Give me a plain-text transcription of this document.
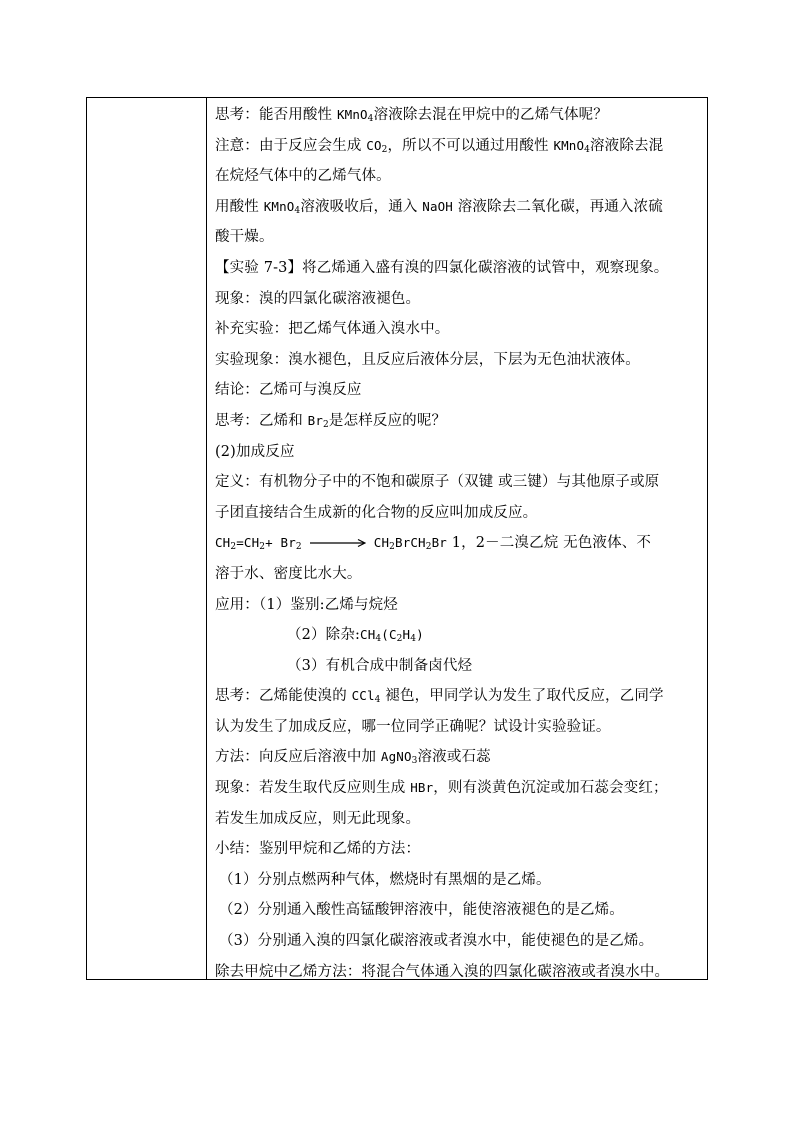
思考：能否用酸性 KMnO$_4$溶液除去混在甲烷中的乙烯气体呢？
注意：由于反应会生成 $CO_2$，所以不可以通过用酸性 KMnO$_4$溶液除去混
在烷烃气体中的乙烯气体。
用酸性 KMnO$_4$溶液吸收后，通入 NaOH 溶液除去二氧化碳，再通入浓硫
酸干燥。
【实验 7-3】将乙烯通入盛有溴的四氯化碳溶液的试管中，观察现象。
现象：溴的四氯化碳溶液褪色。
补充实验：把乙烯气体通入溴水中。
实验现象：溴水褪色，且反应后液体分层，下层为无色油状液体。
结论：乙烯可与溴反应
思考：乙烯和 $Br_2$是怎样反应的呢？
(2)加成反应
定义：有机物分子中的不饱和碳原子（双键 或三键）与其他原子或原
子团直接结合生成新的化合物的反应叫加成反应。
$CH_2=CH_2+ Br_2$ → $CH_2BrCH_2Br$ 1，2－二溴乙烷 无色液体、不
溶于水、密度比水大。
应用：（1）鉴别:乙烯与烷烃
（2）除杂$:CH_4(C_2H_4)$
（3）有机合成中制备卤代烃
思考：乙烯能使溴的 CCl$_4$ 褪色，甲同学认为发生了取代反应，乙同学
认为发生了加成反应，哪一位同学正确呢？试设计实验验证。
方法：向反应后溶液中加 AgNO$_3$溶液或石蕊
现象：若发生取代反应则生成 HBr，则有淡黄色沉淀或加石蕊会变红；
若发生加成反应，则无此现象。
小结：鉴别甲烷和乙烯的方法：
（1）分别点燃两种气体，燃烧时有黑烟的是乙烯。
（2）分别通入酸性高锰酸钾溶液中，能使溶液褪色的是乙烯。
（3）分别通入溴的四氯化碳溶液或者溴水中，能使褪色的是乙烯。
除去甲烷中乙烯方法：将混合气体通入溴的四氯化碳溶液或者溴水中。
